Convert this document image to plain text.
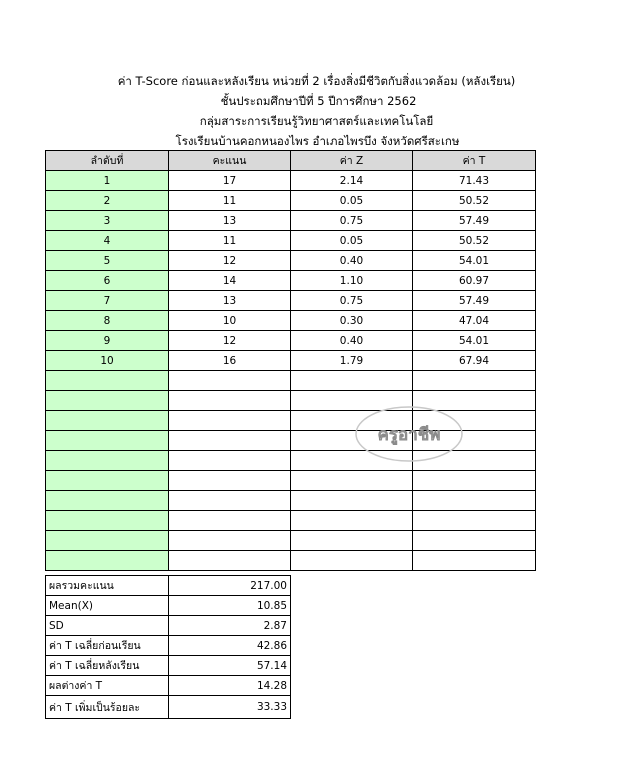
ค่า T-Score ก่อนและหลังเรียน หน่วยที่ 2 เรื่องสิ่งมีชีวิตกับสิ่งแวดล้อม (หลังเรียน)
ชั้นประถมศึกษาปีที่ 5 ปีการศึกษา 2562
กลุ่มสาระการเรียนรู้วิทยาศาสตร์และเทคโนโลยี
โรงเรียนบ้านคอกหนองไพร อำเภอไพรบึง จังหวัดศรีสะเกษ
ลำดับที่	คะแนน	ค่า Z	ค่า T
1	17	2.14	71.43
2	11	0.05	50.52
3	13	0.75	57.49
4	11	0.05	50.52
5	12	0.40	54.01
6	14	1.10	60.97
7	13	0.75	57.49
8	10	0.30	47.04
9	12	0.40	54.01
10	16	1.79	67.94

ผลรวมคะแนน	217.00
Mean(X)	10.85
SD	2.87
ค่า T เฉลี่ยก่อนเรียน	42.86
ค่า T เฉลี่ยหลังเรียน	57.14
ผลต่างค่า T	14.28
ค่า T เพิ่มเป็นร้อยละ	33.33
ครูอาชีพ
